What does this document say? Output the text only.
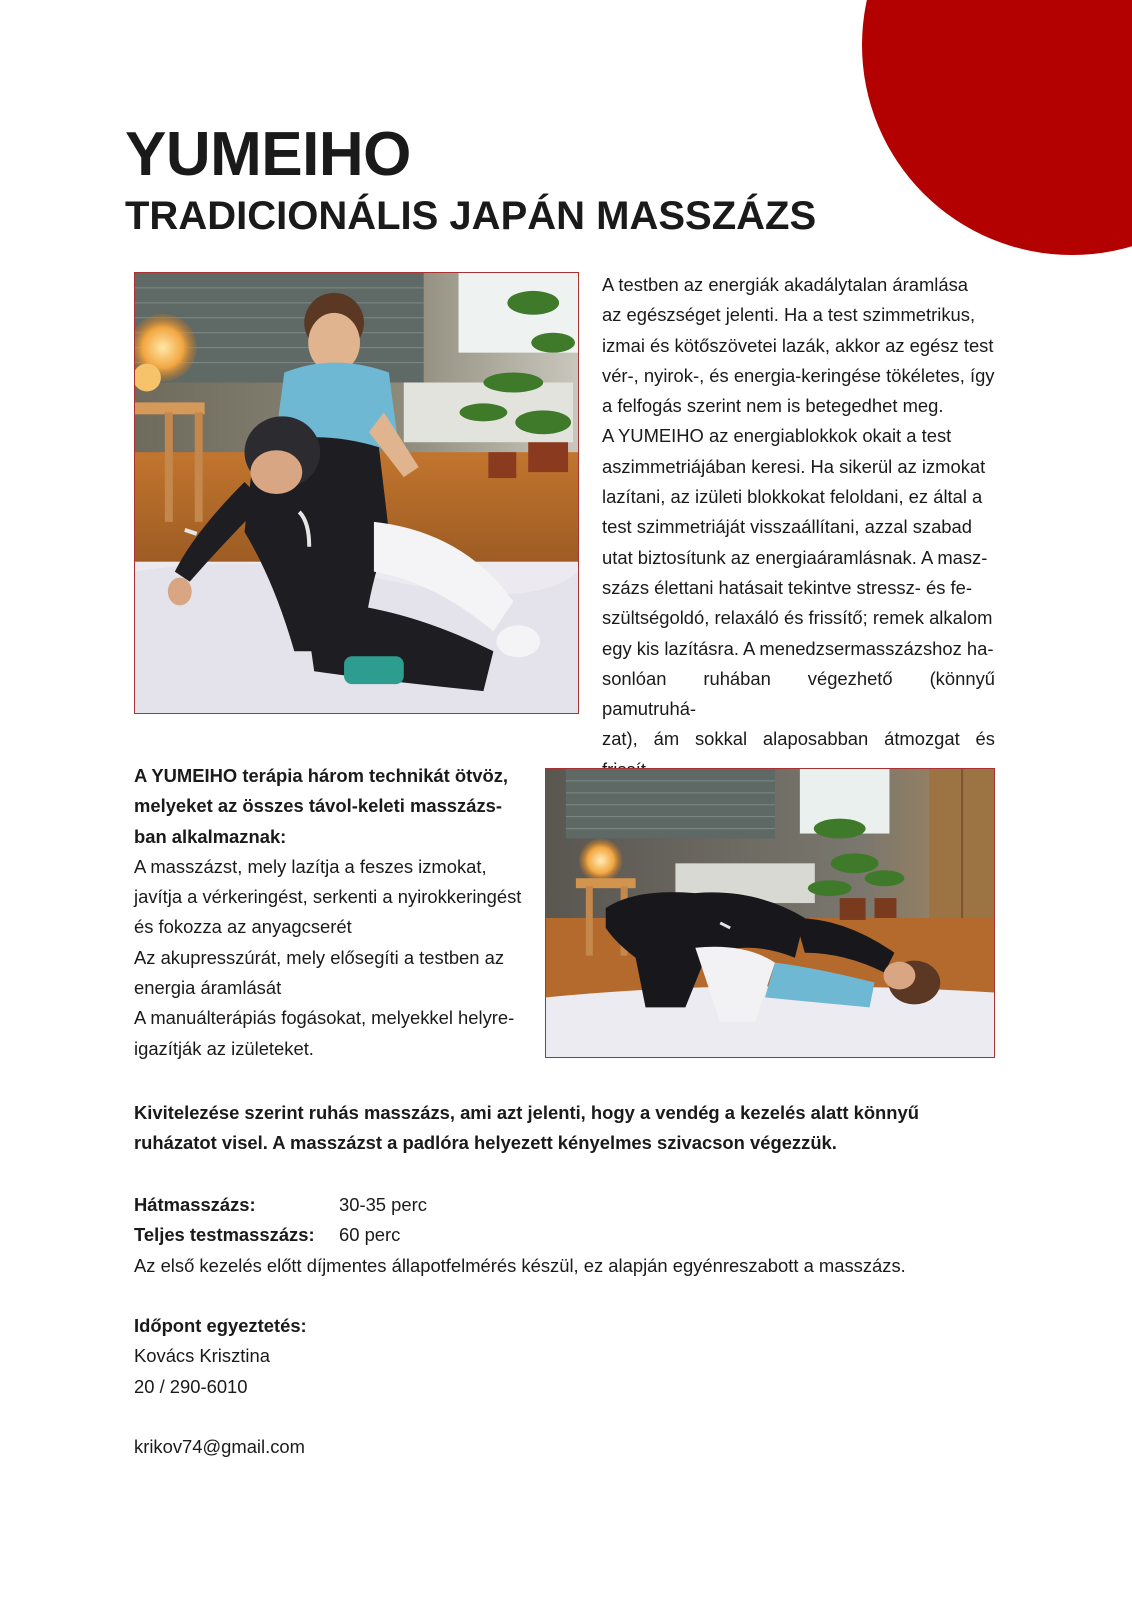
YUMEIHO
TRADICIONÁLIS JAPÁN MASSZÁZS
A testben az energiák akadálytalan áramlása
az egészséget jelenti. Ha a test szimmetrikus,
izmai és kötőszövetei lazák, akkor az egész test
vér-, nyirok-, és energia-keringése tökéletes, így
a felfogás szerint nem is betegedhet meg.
A YUMEIHO az energiablokkok okait a test
aszimmetriájában keresi. Ha sikerül az izmokat
lazítani, az izületi blokkokat feloldani, ez által a
test szimmetriáját visszaállítani, azzal szabad
utat biztosítunk az energiaáramlásnak. A masz-
százs élettani hatásait tekintve stressz- és fe-
szültségoldó, relaxáló és frissítő; remek alkalom
egy kis lazításra. A menedzsermasszázshoz ha-
sonlóan ruhában végezhető (könnyű pamutruhá-
zat), ám sokkal alaposabban átmozgat és
A YUMEIHO terápia három technikát ötvöz,
melyeket az összes távol-keleti masszázs-
ban alkalmaznak:
A masszázst, mely lazítja a feszes izmokat,
javítja a vérkeringést, serkenti a nyirokkeringést
és fokozza az anyagcserét
Az akupresszúrát, mely elősegíti a testben az
energia áramlását
A manuálterápiás fogásokat, melyekkel helyre-
igazítják az izületeket.
Kivitelezése szerint ruhás masszázs, ami azt jelenti, hogy a vendég a kezelés alatt könnyű
ruházatot visel. A masszázst a padlóra helyezett kényelmes szivacson végezzük.
Hátmasszázs:	30-35 perc
Teljes testmasszázs: 60 perc
Az első kezelés előtt díjmentes állapotfelmérés készül, ez alapján egyénreszabott a masszázs.
Időpont egyeztetés:
Kovács Krisztina
20 / 290-6010
krikov74@gmail.com
